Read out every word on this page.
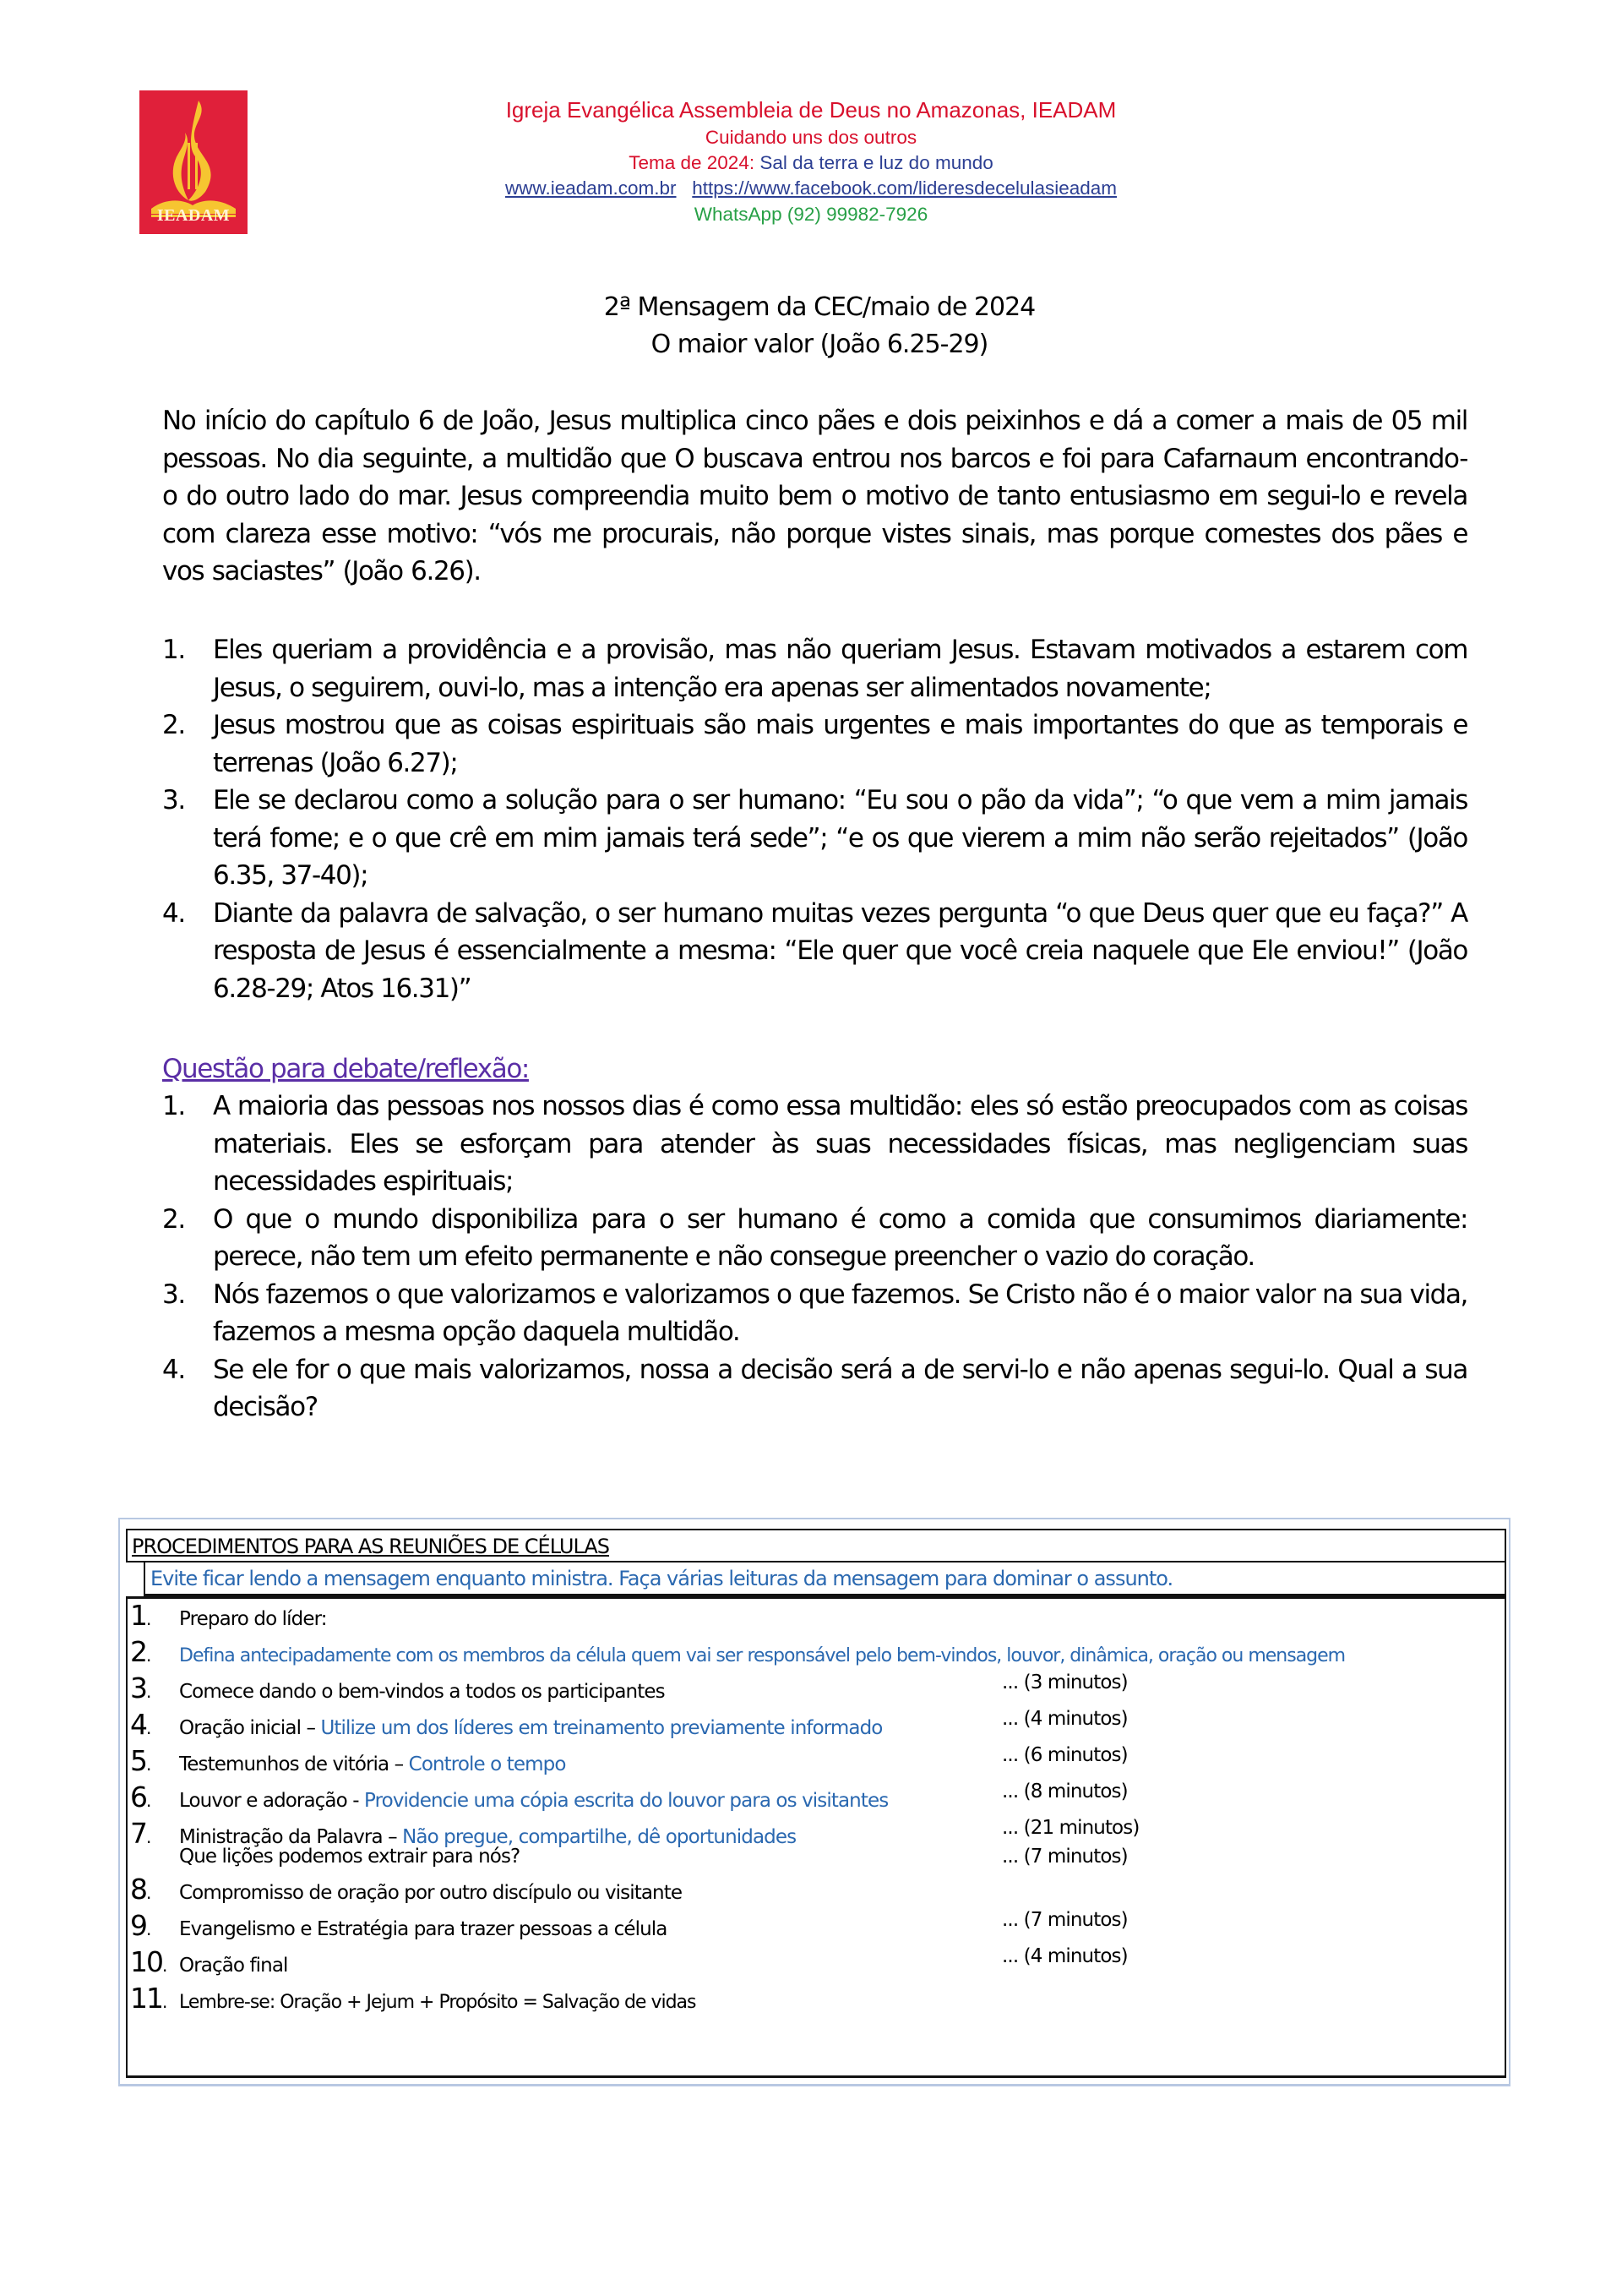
IEADAM
Igreja Evangélica Assembleia de Deus no Amazonas, IEADAM
Cuidando uns dos outros
Tema de 2024: Sal da terra e luz do mundo
www.ieadam.com.br https://www.facebook.com/lideresdecelulasieadam
WhatsApp (92) 99982-7926
2ª Mensagem da CEC/maio de 2024
O maior valor (João 6.25-29)

No início do capítulo 6 de João, Jesus multiplica cinco pães e dois peixinhos e dá a comer a mais de 05 mil pessoas. No dia seguinte, a multidão que O buscava entrou nos barcos e foi para Cafarnaum encontrando-o do outro lado do mar. Jesus compreendia muito bem o motivo de tanto entusiasmo em segui-lo e revela com clareza esse motivo: “vós me procurais, não porque vistes sinais, mas porque comestes dos pães e vos saciastes” (João 6.26).

1.	Eles queriam a providência e a provisão, mas não queriam Jesus. Estavam motivados a estarem com Jesus, o seguirem, ouvi-lo, mas a intenção era apenas ser alimentados novamente;
2.	Jesus mostrou que as coisas espirituais são mais urgentes e mais importantes do que as temporais e terrenas (João 6.27);
3.	Ele se declarou como a solução para o ser humano: “Eu sou o pão da vida”; “o que vem a mim jamais terá fome; e o que crê em mim jamais terá sede”; “e os que vierem a mim não serão rejeitados” (João 6.35, 37-40);
4.	Diante da palavra de salvação, o ser humano muitas vezes pergunta “o que Deus quer que eu faça?” A resposta de Jesus é essencialmente a mesma: “Ele quer que você creia naquele que Ele enviou!” (João 6.28-29; Atos 16.31)”
Questão para debate/reflexão:
1.	A maioria das pessoas nos nossos dias é como essa multidão: eles só estão preocupados com as coisas materiais. Eles se esforçam para atender às suas necessidades físicas, mas negligenciam suas necessidades espirituais;
2.	O que o mundo disponibiliza para o ser humano é como a comida que consumimos diariamente: perece, não tem um efeito permanente e não consegue preencher o vazio do coração.
3.	Nós fazemos o que valorizamos e valorizamos o que fazemos. Se Cristo não é o maior valor na sua vida, fazemos a mesma opção daquela multidão.
4.	Se ele for o que mais valorizamos, nossa a decisão será a de servi-lo e não apenas segui-lo. Qual a sua decisão?
PROCEDIMENTOS PARA AS REUNIÕES DE CÉLULAS
Evite ficar lendo a mensagem enquanto ministra. Faça várias leituras da mensagem para dominar o assunto.
1.	Preparo do líder:
2.	Defina antecipadamente com os membros da célula quem vai ser responsável pelo bem-vindos, louvor, dinâmica, oração ou mensagem
3.	Comece dando o bem-vindos a todos os participantes	... (3 minutos)
4.	Oração inicial – Utilize um dos líderes em treinamento previamente informado	... (4 minutos)
5.	Testemunhos de vitória – Controle o tempo	... (6 minutos)
6.	Louvor e adoração - Providencie uma cópia escrita do louvor para os visitantes	... (8 minutos)
7.	Ministração da Palavra – Não pregue, compartilhe, dê oportunidades	... (21 minutos)
Que lições podemos extrair para nós?	... (7 minutos)
8.	Compromisso de oração por outro discípulo ou visitante
9.	Evangelismo e Estratégia para trazer pessoas a célula	... (7 minutos)
10. Oração final	... (4 minutos)
11. Lembre-se: Oração + Jejum + Propósito = Salvação de vidas
